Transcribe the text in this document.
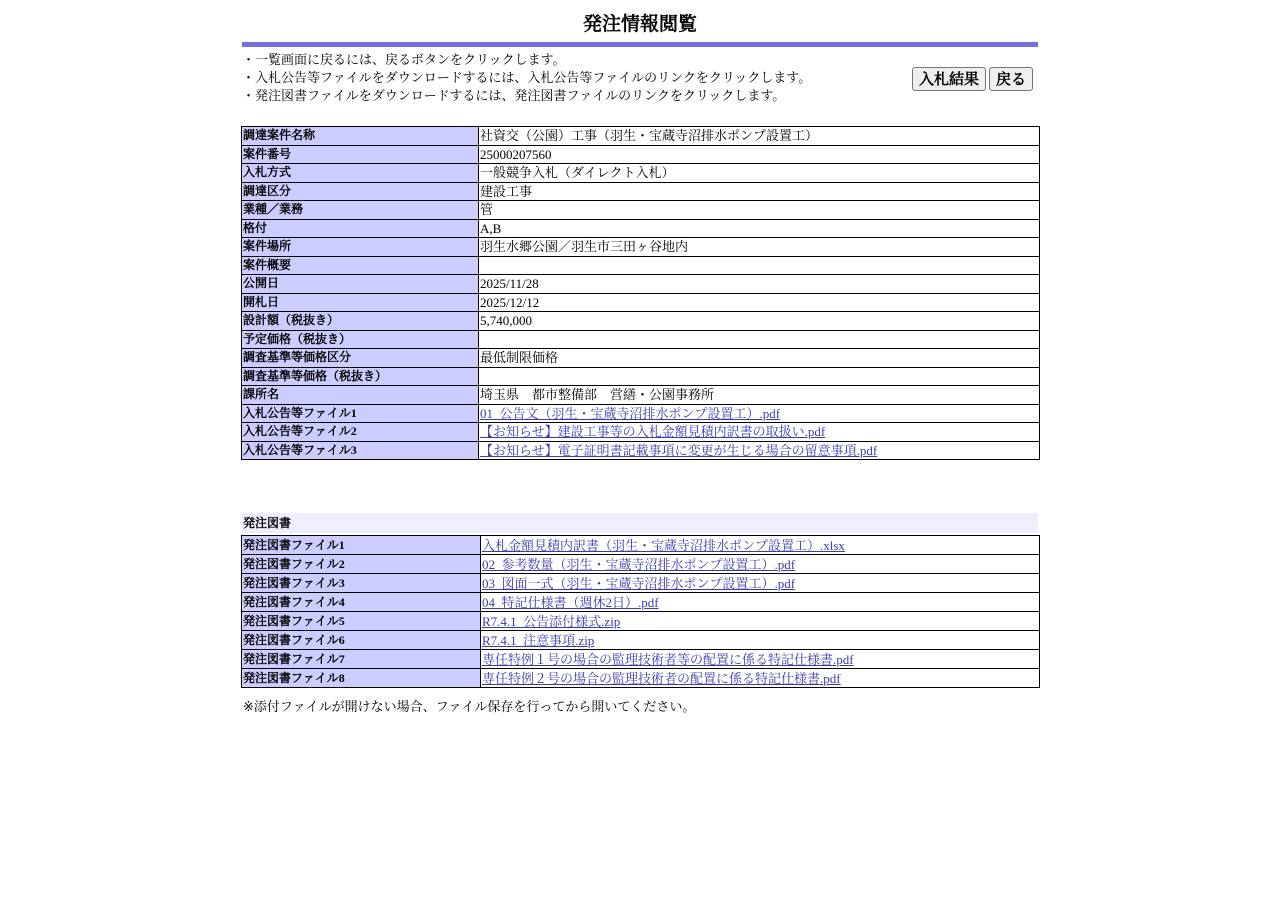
発注情報閲覧
・一覧画面に戻るには、戻るボタンをクリックします。
・入札公告等ファイルをダウンロードするには、入札公告等ファイルのリンクをクリックします。
・発注図書ファイルをダウンロードするには、発注図書ファイルのリンクをクリックします。
入札結果	戻る
調達案件名称	社資交（公園）工事（羽生・宝蔵寺沼排水ポンプ設置工）
案件番号	25000207560
入札方式	一般競争入札（ダイレクト入札）
調達区分	建設工事
業種／業務	管
格付	A,B
案件場所	羽生水郷公園／羽生市三田ヶ谷地内
案件概要	
公開日	2025/11/28
開札日	2025/12/12
設計額（税抜き）	5,740,000
予定価格（税抜き）	
調査基準等価格区分	最低制限価格
調査基準等価格（税抜き）	
課所名	埼玉県　都市整備部　営繕・公園事務所
入札公告等ファイル1	01_公告文（羽生・宝蔵寺沼排水ポンプ設置工）.pdf
入札公告等ファイル2	【お知らせ】建設工事等の入札金額見積内訳書の取扱い.pdf
入札公告等ファイル3	【お知らせ】電子証明書記載事項に変更が生じる場合の留意事項.pdf
発注図書
発注図書ファイル1	入札金額見積内訳書（羽生・宝蔵寺沼排水ポンプ設置工）.xlsx
発注図書ファイル2	02_参考数量（羽生・宝蔵寺沼排水ポンプ設置工）.pdf
発注図書ファイル3	03_図面一式（羽生・宝蔵寺沼排水ポンプ設置工）.pdf
発注図書ファイル4	04_特記仕様書（週休2日）.pdf
発注図書ファイル5	R7.4.1_公告添付様式.zip
発注図書ファイル6	R7.4.1_注意事項.zip
発注図書ファイル7	専任特例１号の場合の監理技術者等の配置に係る特記仕様書.pdf
発注図書ファイル8	専任特例２号の場合の監理技術者の配置に係る特記仕様書.pdf
※添付ファイルが開けない場合、ファイル保存を行ってから開いてください。
